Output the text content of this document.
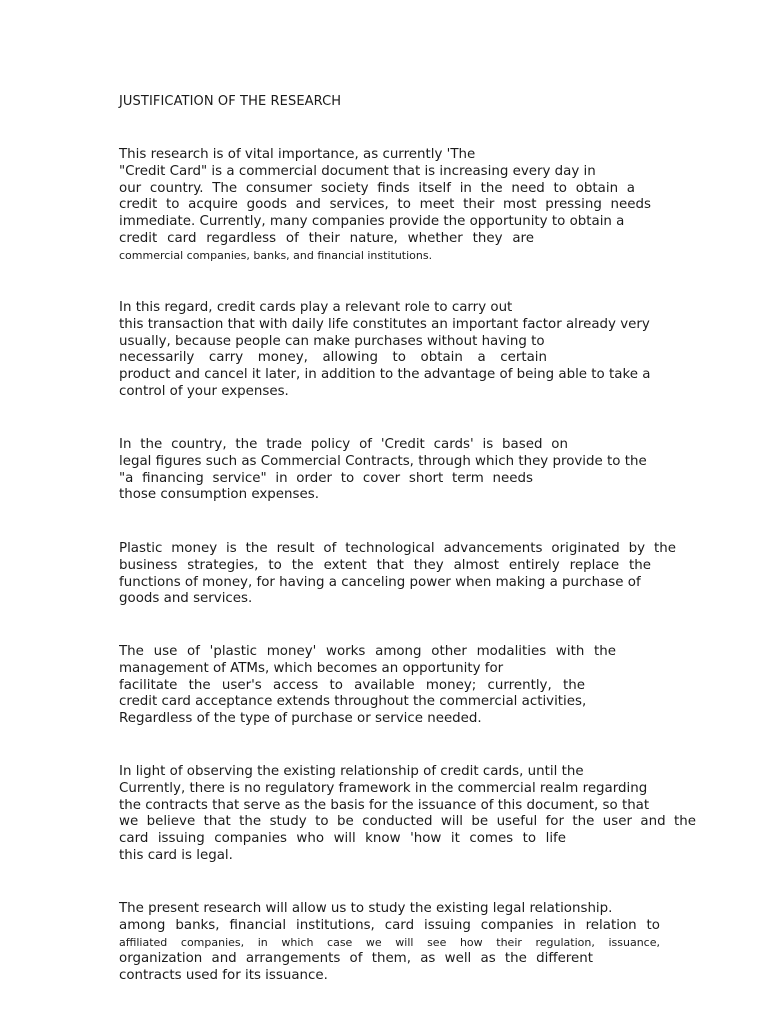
JUSTIFICATION OF THE RESEARCH
This research is of vital importance, as currently 'The
"Credit Card" is a commercial document that is increasing every day in
our country. The consumer society finds itself in the need to obtain a
credit to acquire goods and services, to meet their most pressing needs
immediate. Currently, many companies provide the opportunity to obtain a
credit card regardless of their nature, whether they are
commercial companies, banks, and financial institutions.
In this regard, credit cards play a relevant role to carry out
this transaction that with daily life constitutes an important factor already very
usually, because people can make purchases without having to
necessarily carry money, allowing to obtain a certain
product and cancel it later, in addition to the advantage of being able to take a
control of your expenses.
In the country, the trade policy of 'Credit cards' is based on
legal figures such as Commercial Contracts, through which they provide to the
"a financing service" in order to cover short term needs
those consumption expenses.
Plastic money is the result of technological advancements originated by the
business strategies, to the extent that they almost entirely replace the
functions of money, for having a canceling power when making a purchase of
goods and services.
The use of 'plastic money' works among other modalities with the
management of ATMs, which becomes an opportunity for
facilitate the user's access to available money; currently, the
credit card acceptance extends throughout the commercial activities,
Regardless of the type of purchase or service needed.
In light of observing the existing relationship of credit cards, until the
Currently, there is no regulatory framework in the commercial realm regarding
the contracts that serve as the basis for the issuance of this document, so that
we believe that the study to be conducted will be useful for the user and the
card issuing companies who will know 'how it comes to life
this card is legal.
The present research will allow us to study the existing legal relationship.
among banks, financial institutions, card issuing companies in relation to
affiliated companies, in which case we will see how their regulation, issuance,
organization and arrangements of them, as well as the different
contracts used for its issuance.
